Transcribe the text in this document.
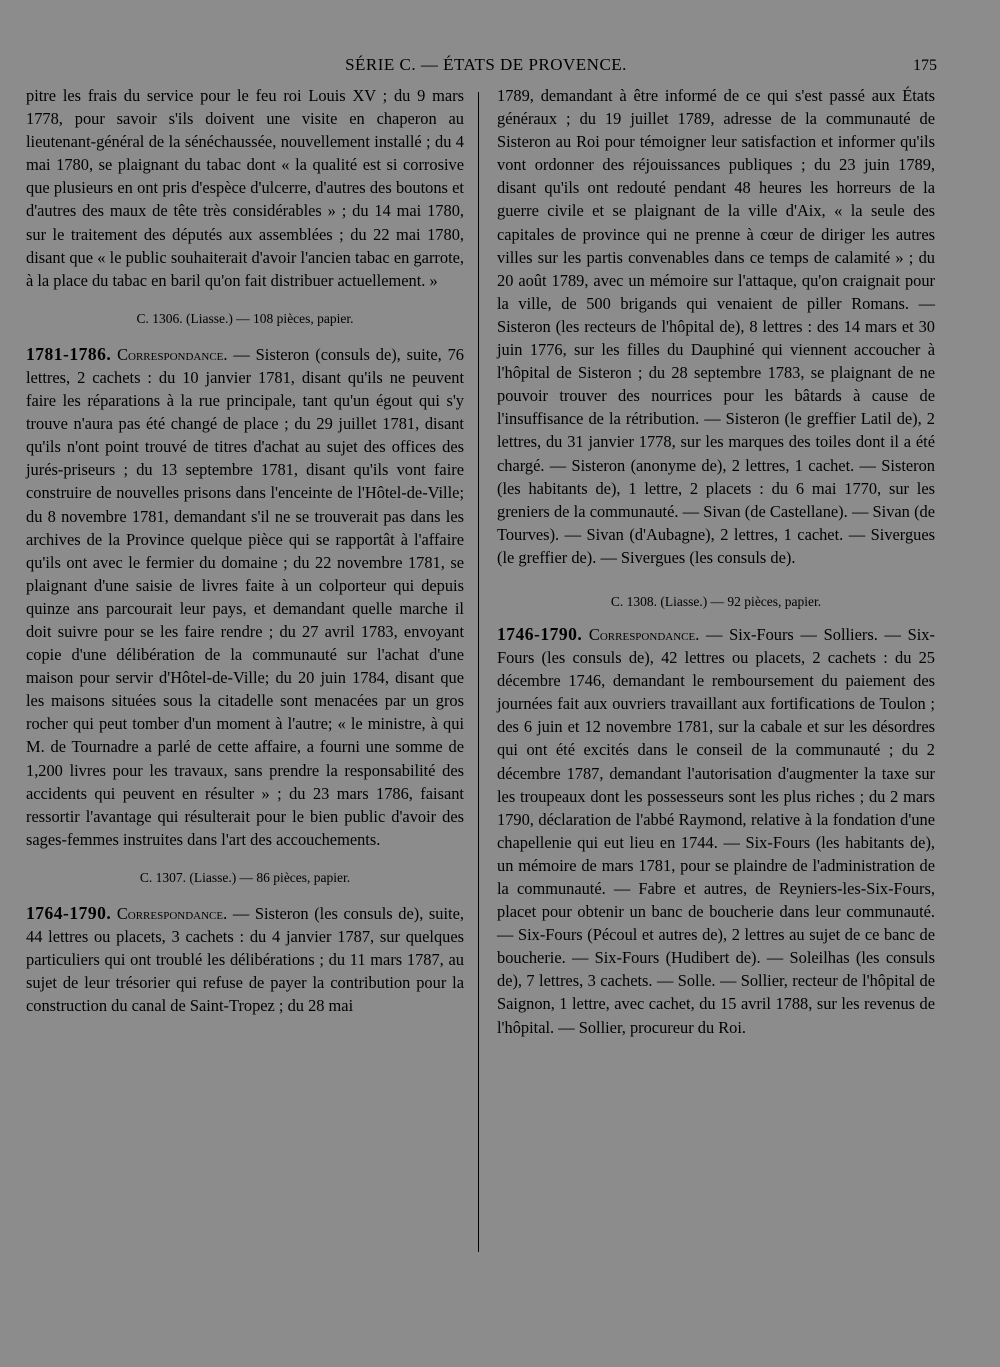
SÉRIE C. — ÉTATS DE PROVENCE.	175

pitre les frais du service pour le feu roi Louis XV ; du 9 mars 1778, pour savoir s'ils doivent une visite en chaperon au lieutenant-général de la sénéchaussée, nouvellement installé ; du 4 mai 1780, se plaignant du tabac dont « la qualité est si corrosive que plusieurs en ont pris d'espèce d'ulcerre, d'autres des boutons et d'autres des maux de tête très considérables » ; du 14 mai 1780, sur le traitement des députés aux assemblées ; du 22 mai 1780, disant que « le public souhaiterait d'avoir l'ancien tabac en garrote, à la place du tabac en baril qu'on fait distribuer actuellement. »

C. 1306. (Liasse.) — 108 pièces, papier.

1781-1786. Correspondance. — Sisteron (consuls de), suite, 76 lettres, 2 cachets : du 10 janvier 1781, disant qu'ils ne peuvent faire les réparations à la rue principale, tant qu'un égout qui s'y trouve n'aura pas été changé de place ; du 29 juillet 1781, disant qu'ils n'ont point trouvé de titres d'achat au sujet des offices des jurés-priseurs ; du 13 septembre 1781, disant qu'ils vont faire construire de nouvelles prisons dans l'enceinte de l'Hôtel-de-Ville; du 8 novembre 1781, demandant s'il ne se trouverait pas dans les archives de la Province quelque pièce qui se rapportât à l'affaire qu'ils ont avec le fermier du domaine ; du 22 novembre 1781, se plaignant d'une saisie de livres faite à un colporteur qui depuis quinze ans parcourait leur pays, et demandant quelle marche il doit suivre pour se les faire rendre ; du 27 avril 1783, envoyant copie d'une délibération de la communauté sur l'achat d'une maison pour servir d'Hôtel-de-Ville; du 20 juin 1784, disant que les maisons situées sous la citadelle sont menacées par un gros rocher qui peut tomber d'un moment à l'autre; « le ministre, à qui M. de Tournadre a parlé de cette affaire, a fourni une somme de 1,200 livres pour les travaux, sans prendre la responsabilité des accidents qui peuvent en résulter » ; du 23 mars 1786, faisant ressortir l'avantage qui résulterait pour le bien public d'avoir des sages-femmes instruites dans l'art des accouchements.

C. 1307. (Liasse.) — 86 pièces, papier.

1764-1790. Correspondance. — Sisteron (les consuls de), suite, 44 lettres ou placets, 3 cachets : du 4 janvier 1787, sur quelques particuliers qui ont troublé les délibérations ; du 11 mars 1787, au sujet de leur trésorier qui refuse de payer la contribution pour la construction du canal de Saint-Tropez ; du 28 mai

1789, demandant à être informé de ce qui s'est passé aux États généraux ; du 19 juillet 1789, adresse de la communauté de Sisteron au Roi pour témoigner leur satisfaction et informer qu'ils vont ordonner des réjouissances publiques ; du 23 juin 1789, disant qu'ils ont redouté pendant 48 heures les horreurs de la guerre civile et se plaignant de la ville d'Aix, « la seule des capitales de province qui ne prenne à cœur de diriger les autres villes sur les partis convenables dans ce temps de calamité » ; du 20 août 1789, avec un mémoire sur l'attaque, qu'on craignait pour la ville, de 500 brigands qui venaient de piller Romans. — Sisteron (les recteurs de l'hôpital de), 8 lettres : des 14 mars et 30 juin 1776, sur les filles du Dauphiné qui viennent accoucher à l'hôpital de Sisteron ; du 28 septembre 1783, se plaignant de ne pouvoir trouver des nourrices pour les bâtards à cause de l'insuffisance de la rétribution. — Sisteron (le greffier Latil de), 2 lettres, du 31 janvier 1778, sur les marques des toiles dont il a été chargé. — Sisteron (anonyme de), 2 lettres, 1 cachet. — Sisteron (les habitants de), 1 lettre, 2 placets : du 6 mai 1770, sur les greniers de la communauté. — Sivan (de Castellane). — Sivan (de Tourves). — Sivan (d'Aubagne), 2 lettres, 1 cachet. — Sivergues (le greffier de). — Sivergues (les consuls de).

C. 1308. (Liasse.) — 92 pièces, papier.

1746-1790. Correspondance. — Six-Fours — Solliers. — Six-Fours (les consuls de), 42 lettres ou placets, 2 cachets : du 25 décembre 1746, demandant le remboursement du paiement des journées fait aux ouvriers travaillant aux fortifications de Toulon ; des 6 juin et 12 novembre 1781, sur la cabale et sur les désordres qui ont été excités dans le conseil de la communauté ; du 2 décembre 1787, demandant l'autorisation d'augmenter la taxe sur les troupeaux dont les possesseurs sont les plus riches ; du 2 mars 1790, déclaration de l'abbé Raymond, relative à la fondation d'une chapellenie qui eut lieu en 1744. — Six-Fours (les habitants de), un mémoire de mars 1781, pour se plaindre de l'administration de la communauté. — Fabre et autres, de Reyniers-les-Six-Fours, placet pour obtenir un banc de boucherie dans leur communauté. — Six-Fours (Pécoul et autres de), 2 lettres au sujet de ce banc de boucherie. — Six-Fours (Hudibert de). — Soleilhas (les consuls de), 7 lettres, 3 cachets. — Solle. — Sollier, recteur de l'hôpital de Saignon, 1 lettre, avec cachet, du 15 avril 1788, sur les revenus de l'hôpital. — Sollier, procureur du Roi.
